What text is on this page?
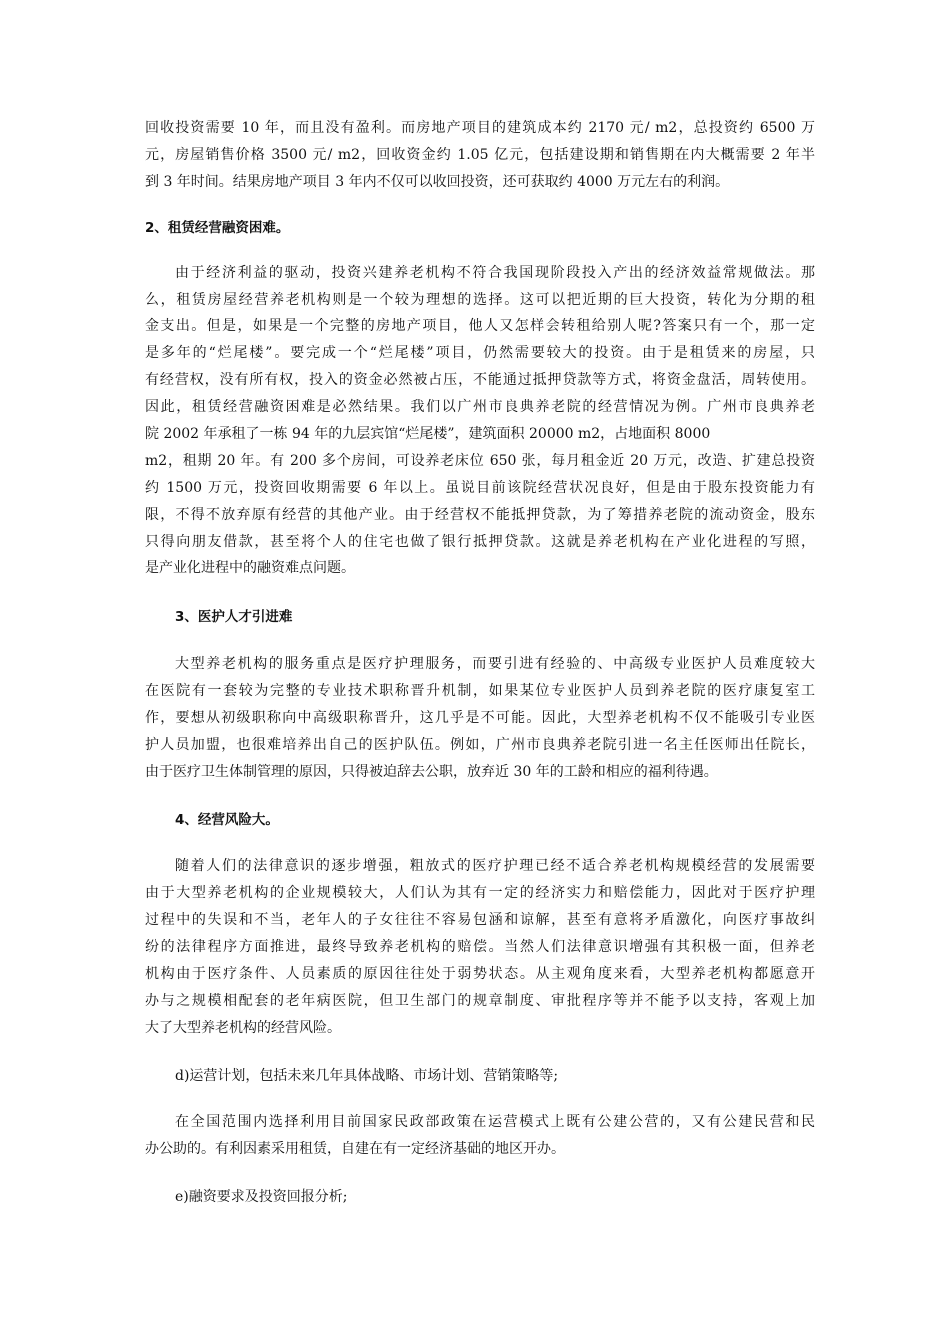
回收投资需要 10 年，而且没有盈利。而房地产项目的建筑成本约 2170 元/ m2，总投资约 6500 万
元，房屋销售价格 3500 元/ m2，回收资金约 1.05 亿元，包括建设期和销售期在内大概需要 2 年半
到 3 年时间。结果房地产项目 3 年内不仅可以收回投资，还可获取约 4000 万元左右的利润。
2、租赁经营融资困难。
由于经济利益的驱动，投资兴建养老机构不符合我国现阶段投入产出的经济效益常规做法。那
么，租赁房屋经营养老机构则是一个较为理想的选择。这可以把近期的巨大投资，转化为分期的租
金支出。但是，如果是一个完整的房地产项目，他人又怎样会转租给别人呢?答案只有一个，那一定
是多年的“烂尾楼”。要完成一个“烂尾楼”项目，仍然需要较大的投资。由于是租赁来的房屋，只
有经营权，没有所有权，投入的资金必然被占压，不能通过抵押贷款等方式，将资金盘活，周转使用。
因此，租赁经营融资困难是必然结果。我们以广州市良典养老院的经营情况为例。广州市良典养老
院 2002 年承租了一栋 94 年的九层宾馆“烂尾楼”，建筑面积 20000 m2，占地面积 8000
m2，租期 20 年。有 200 多个房间，可设养老床位 650 张，每月租金近 20 万元，改造、扩建总投资
约 1500 万元，投资回收期需要 6 年以上。虽说目前该院经营状况良好，但是由于股东投资能力有
限，不得不放弃原有经营的其他产业。由于经营权不能抵押贷款，为了筹措养老院的流动资金，股东
只得向朋友借款，甚至将个人的住宅也做了银行抵押贷款。这就是养老机构在产业化进程的写照，
是产业化进程中的融资难点问题。
3、医护人才引进难
大型养老机构的服务重点是医疗护理服务，而要引进有经验的、中高级专业医护人员难度较大
在医院有一套较为完整的专业技术职称晋升机制，如果某位专业医护人员到养老院的医疗康复室工
作，要想从初级职称向中高级职称晋升，这几乎是不可能。因此，大型养老机构不仅不能吸引专业医
护人员加盟，也很难培养出自己的医护队伍。例如，广州市良典养老院引进一名主任医师出任院长，
由于医疗卫生体制管理的原因，只得被迫辞去公职，放弃近 30 年的工龄和相应的福利待遇。
4、经营风险大。
随着人们的法律意识的逐步增强，粗放式的医疗护理已经不适合养老机构规模经营的发展需要
由于大型养老机构的企业规模较大，人们认为其有一定的经济实力和赔偿能力，因此对于医疗护理
过程中的失误和不当，老年人的子女往往不容易包涵和谅解，甚至有意将矛盾激化，向医疗事故纠
纷的法律程序方面推进，最终导致养老机构的赔偿。当然人们法律意识增强有其积极一面，但养老
机构由于医疗条件、人员素质的原因往往处于弱势状态。从主观角度来看，大型养老机构都愿意开
办与之规模相配套的老年病医院，但卫生部门的规章制度、审批程序等并不能予以支持，客观上加
大了大型养老机构的经营风险。
d)运营计划，包括未来几年具体战略、市场计划、营销策略等;
在全国范围内选择利用目前国家民政部政策在运营模式上既有公建公营的，又有公建民营和民
办公助的。有利因素采用租赁，自建在有一定经济基础的地区开办。
e)融资要求及投资回报分析;
